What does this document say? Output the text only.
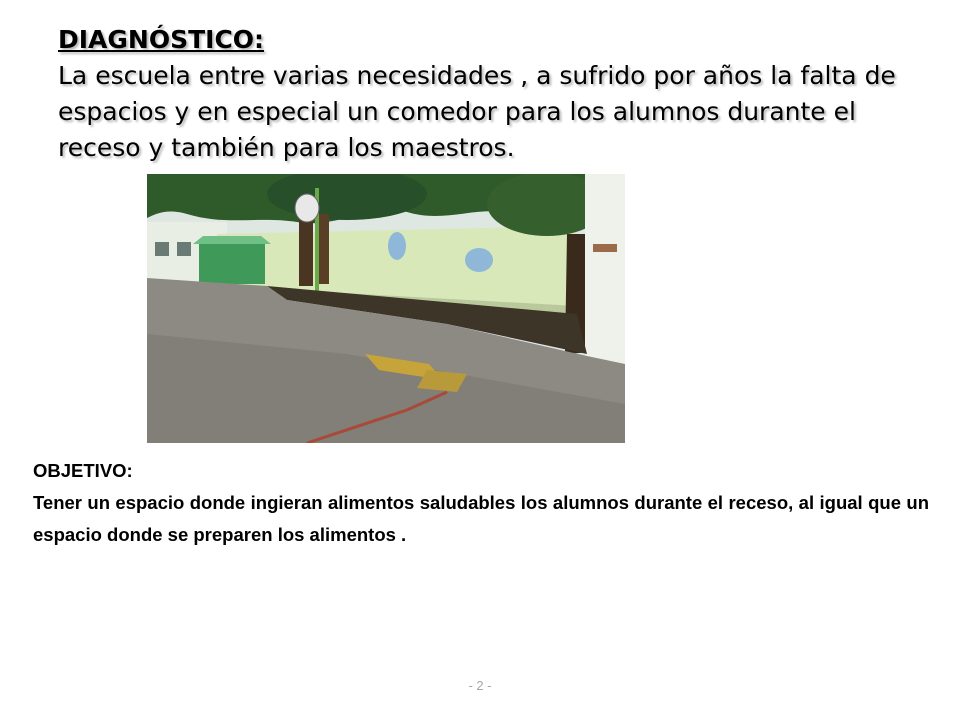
DIAGNÓSTICO:
La escuela entre varias necesidades , a sufrido por años la falta de espacios y en especial un comedor para los alumnos durante el receso y también para los maestros.
OBJETIVO:
Tener un espacio donde ingieran alimentos saludables los alumnos durante el receso, al igual que un espacio donde se preparen los alimentos .
- 2 -
